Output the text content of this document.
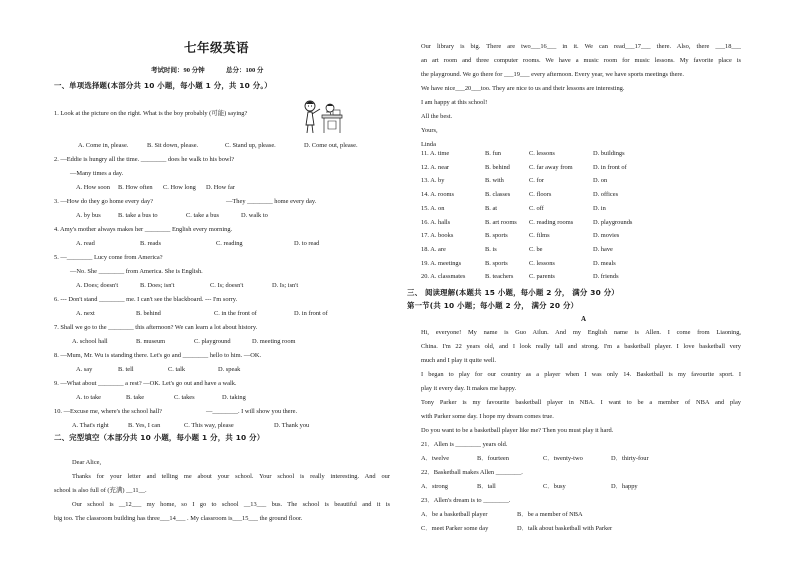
七年级英语
考试时间：90 分钟	总分：100 分
一、单项选择题(本部分共 10 小题，每小题 1 分，共 10 分。）
1. Look at the picture on the right. What is the boy probably (可能) saying?
A. Come in, please.	B. Sit down, please.	C. Stand up, please.	D. Come out, please.
2. —Eddie is hungry all the time. ________ does he walk to his bowl?
—Many times a day.
A. How soon B. How often C. How long D. How far
3. —How do they go home every day?	—They ________ home every day.
A. by bus	B. take a bus to	C. take a bus	D. walk to
4. Amy's mother always makes her ________ English every morning.
A. read	B. reads	C. reading	D. to read
5. —________ Lucy come from America?
—No. She ________ from America. She is English.
A. Does; doesn't	B. Does; isn't	C. Is; doesn't	D. Is; isn't
6. --- Don't stand ________ me. I can't see the blackboard. --- I'm sorry.
A. next	B. behind	C. in the front of	D. in front of
7. Shall we go to the ________ this afternoon? We can learn a lot about history.
A. school hall	B. museum	C. playground	D. meeting room
8. —Mum, Mr. Wu is standing there. Let's go and ________ hello to him. —OK.
A. say	B. tell	C. talk	D. speak
9. —What about ________ a rest? —OK. Let's go out and have a walk.
A. to take	B. take	C. takes	D. taking
10. —Excuse me, where's the school hall?	—________. I will show you there.
A. That's right	B. Yes, I can	C. This way, please	D. Thank you
二、完型填空（本部分共 10 小题，每小题 1 分，共 10 分）
Dear Alice,
Thanks for your letter and telling me about your school. Your school is really interesting. And our
school is also full of (充满) __11__.
Our school is __12___ my home, so I go to school __13___ bus. The school is beautiful and it is
big too. The classroom building has three___14___ . My classroom is___15___ the ground floor.
Our library is big. There are two___16___ in it. We can read___17___ there. Also, there ___18___
an art room and three computer rooms. We have a music room for music lessons. My favorite place is
the playground. We go there for ___19___ every afternoon. Every year, we have sports meetings there.
We have nice___20___too. They are nice to us and their lessons are interesting.
I am happy at this school!
All the best.
Yours,
Linda
11. A. time	B. fun	C. lessons	D. buildings
12. A. near	B. behind	C. far away from	D. in front of
13. A. by	B. with	C. for	D. on
14. A. rooms	B. classes	C. floors	D. offices
15. A. on	B. at	C. off	D. in
16. A. halls	B. art rooms C. reading rooms	D. playgrounds
17. A. books	B. sports	C. films	D. movies
18. A. are	B. is	C. be	D. have
19. A. meetings	B. sports	C. lessons	D. meals
20. A. classmates	B. teachers C. parents	D. friends
三、 阅读理解(本题共 15 小题，每小题 2 分， 满分 30 分）
第一节(共 10 小题；每小题 2 分， 满分 20 分）
A
Hi, everyone! My name is Guo Ailun. And my English name is Allen. I come from Liaoning,
China. I'm 22 years old, and I look really tall and strong. I'm a basketball player. I love basketball very
much and I play it quite well.
I began to play for our country as a player when I was only 14. Basketball is my favourite sport. I
play it every day. It makes me happy.
Tony Parker is my favourite basketball player in NBA. I want to be a member of NBA and play
with Parker some day. I hope my dream comes true.
Do you want to be a basketball player like me? Then you must play it hard.
21．Allen is ________ years old.
A．twelve	B．fourteen	C．twenty-two	D．thirty-four
22．Basketball makes Allen ________.
A．strong	B．tall	C．busy	D．happy
23．Allen's dream is to ________.
A．be a basketball player	B．be a member of NBA
C．meet Parker some day	D．talk about basketball with Parker
